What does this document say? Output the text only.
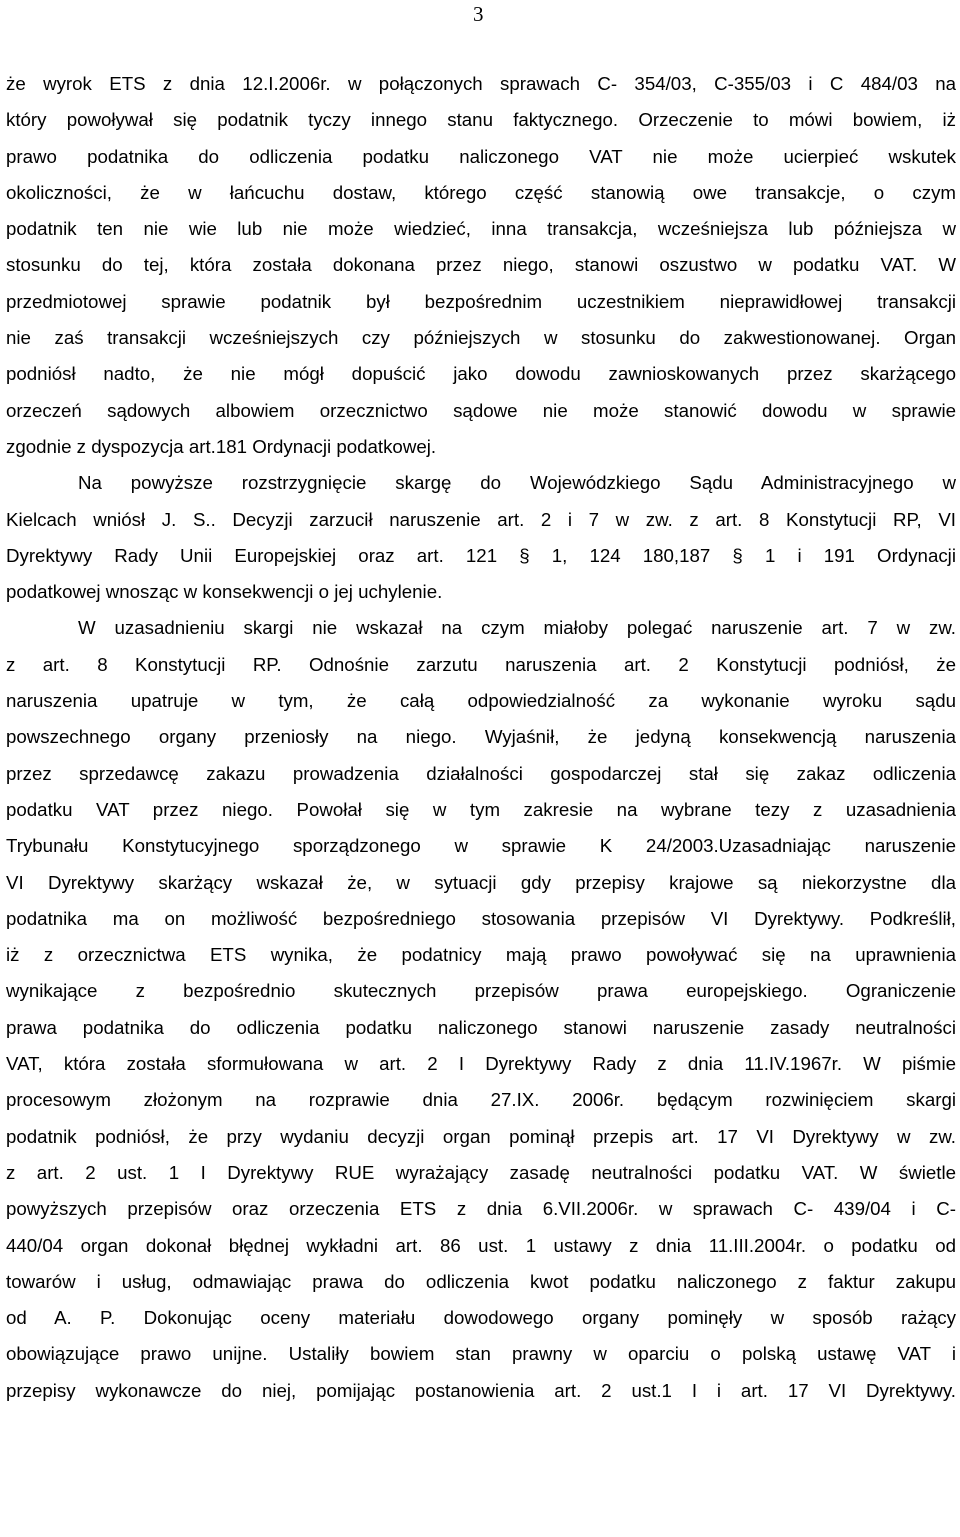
3
że wyrok ETS z dnia 12.I.2006r. w połączonych sprawach C- 354/03, C-355/03 i C 484/03 na
który powoływał się podatnik tyczy innego stanu faktycznego. Orzeczenie to mówi bowiem, iż
prawo podatnika do odliczenia podatku naliczonego VAT nie może ucierpieć wskutek
okoliczności, że w łańcuchu dostaw, którego część stanowią owe transakcje, o czym
podatnik ten nie wie lub nie może wiedzieć, inna transakcja, wcześniejsza lub późniejsza w
stosunku do tej, która została dokonana przez niego, stanowi oszustwo w podatku VAT. W
przedmiotowej sprawie podatnik był bezpośrednim uczestnikiem nieprawidłowej transakcji
nie zaś transakcji wcześniejszych czy późniejszych w stosunku do zakwestionowanej. Organ
podniósł nadto, że nie mógł dopuścić jako dowodu zawnioskowanych przez skarżącego
orzeczeń sądowych albowiem orzecznictwo sądowe nie może stanowić dowodu w sprawie
zgodnie z dyspozycja art.181 Ordynacji podatkowej.
Na powyższe rozstrzygnięcie skargę do Wojewódzkiego Sądu Administracyjnego w
Kielcach wniósł J. S.. Decyzji zarzucił naruszenie art. 2 i 7 w zw. z art. 8 Konstytucji RP, VI
Dyrektywy Rady Unii Europejskiej oraz art. 121 § 1, 124 180,187 § 1 i 191 Ordynacji
podatkowej wnosząc w konsekwencji o jej uchylenie.
W uzasadnieniu skargi nie wskazał na czym miałoby polegać naruszenie art. 7 w zw.
z art. 8 Konstytucji RP. Odnośnie zarzutu naruszenia art. 2 Konstytucji podniósł, że
naruszenia upatruje w tym, że całą odpowiedzialność za wykonanie wyroku sądu
powszechnego organy przeniosły na niego. Wyjaśnił, że jedyną konsekwencją naruszenia
przez sprzedawcę zakazu prowadzenia działalności gospodarczej stał się zakaz odliczenia
podatku VAT przez niego. Powołał się w tym zakresie na wybrane tezy z uzasadnienia
Trybunału Konstytucyjnego sporządzonego w sprawie K 24/2003.Uzasadniając naruszenie
VI Dyrektywy skarżący wskazał że, w sytuacji gdy przepisy krajowe są niekorzystne dla
podatnika ma on możliwość bezpośredniego stosowania przepisów VI Dyrektywy. Podkreślił,
iż z orzecznictwa ETS wynika, że podatnicy mają prawo powoływać się na uprawnienia
wynikające z bezpośrednio skutecznych przepisów prawa europejskiego. Ograniczenie
prawa podatnika do odliczenia podatku naliczonego stanowi naruszenie zasady neutralności
VAT, która została sformułowana w art. 2 I Dyrektywy Rady z dnia 11.IV.1967r. W piśmie
procesowym złożonym na rozprawie dnia 27.IX. 2006r. będącym rozwinięciem skargi
podatnik podniósł, że przy wydaniu decyzji organ pominął przepis art. 17 VI Dyrektywy w zw.
z art. 2 ust. 1 I Dyrektywy RUE wyrażający zasadę neutralności podatku VAT. W świetle
powyższych przepisów oraz orzeczenia ETS z dnia 6.VII.2006r. w sprawach C- 439/04 i C-
440/04 organ dokonał błędnej wykładni art. 86 ust. 1 ustawy z dnia 11.III.2004r. o podatku od
towarów i usług, odmawiając prawa do odliczenia kwot podatku naliczonego z faktur zakupu
od A. P. Dokonując oceny materiału dowodowego organy pominęły w sposób rażący
obowiązujące prawo unijne. Ustaliły bowiem stan prawny w oparciu o polską ustawę VAT i
przepisy wykonawcze do niej, pomijając postanowienia art. 2 ust.1 I i art. 17 VI Dyrektywy.
